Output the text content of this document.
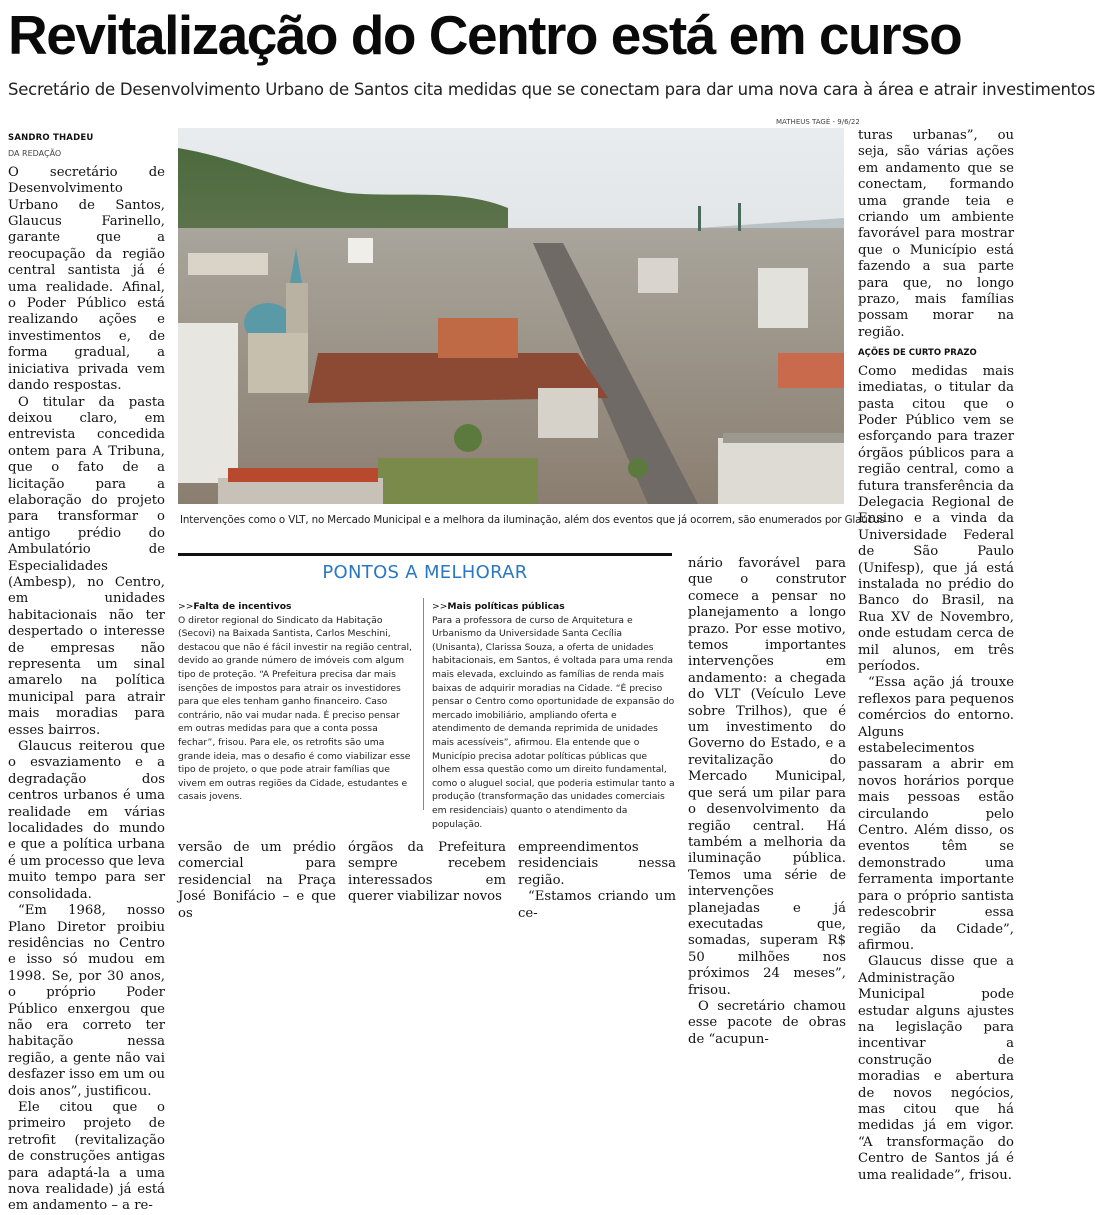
Revitalização do Centro está em curso
Secretário de Desenvolvimento Urbano de Santos cita medidas que se conectam para dar uma nova cara à área e atrair investimentos
SANDRO THADEU
DA REDAÇÃO

O secretário de Desenvolvimento Urbano de Santos, Glaucus Farinello, garante que a reocupação da região central santista já é uma realidade. Afinal, o Poder Público está realizando ações e investimentos e, de forma gradual, a iniciativa privada vem dando respostas.

O titular da pasta deixou claro, em entrevista concedida ontem para A Tribuna, que o fato de a licitação para a elaboração do projeto para transformar o antigo prédio do Ambulatório de Especialidades (Ambesp), no Centro, em unidades habitacionais não ter despertado o interesse de empresas não representa um sinal amarelo na política municipal para atrair mais moradias para esses bairros.

Glaucus reiterou que o esvaziamento e a degradação dos centros urbanos é uma realidade em várias localidades do mundo e que a política urbana é um processo que leva muito tempo para ser consolidada.

“Em 1968, nosso Plano Diretor proibiu residências no Centro e isso só mudou em 1998. Se, por 30 anos, o próprio Poder Público enxergou que não era correto ter habitação nessa região, a gente não vai desfazer isso em um ou dois anos”, justificou.

Ele citou que o primeiro projeto de retrofit (revitalização de construções antigas para adaptá-la a uma nova realidade) já está em andamento – a re-

MATHEUS TAGÉ - 9/6/22
Intervenções como o VLT, no Mercado Municipal e a melhora da iluminação, além dos eventos que já ocorrem, são enumerados por Glaucus
PONTOS A MELHORAR
>>Falta de incentivos
O diretor regional do Sindicato da Habitação (Secovi) na Baixada Santista, Carlos Meschini, destacou que não é fácil investir na região central, devido ao grande número de imóveis com algum tipo de proteção. “A Prefeitura precisa dar mais isenções de impostos para atrair os investidores para que eles tenham ganho financeiro. Caso contrário, não vai mudar nada. É preciso pensar em outras medidas para que a conta possa fechar”, frisou. Para ele, os retrofits são uma grande ideia, mas o desafio é como viabilizar esse tipo de projeto, o que pode atrair famílias que vivem em outras regiões da Cidade, estudantes e casais jovens.
>>Mais políticas públicas
Para a professora de curso de Arquitetura e Urbanismo da Universidade Santa Cecília (Unisanta), Clarissa Souza, a oferta de unidades habitacionais, em Santos, é voltada para uma renda mais elevada, excluindo as famílias de renda mais baixas de adquirir moradias na Cidade. “É preciso pensar o Centro como oportunidade de expansão do mercado imobiliário, ampliando oferta e atendimento de demanda reprimida de unidades mais acessíveis”, afirmou. Ela entende que o Município precisa adotar políticas públicas que olhem essa questão como um direito fundamental, como o aluguel social, que poderia estimular tanto a produção (transformação das unidades comerciais em residenciais) quanto o atendimento da população.

versão de um prédio comercial para residencial na Praça José Bonifácio – e que os

órgãos da Prefeitura sempre recebem interessados em querer viabilizar novos

empreendimentos residenciais nessa região.

“Estamos criando um ce-

nário favorável para que o construtor comece a pensar no planejamento a longo prazo. Por esse motivo, temos importantes intervenções em andamento: a chegada do VLT (Veículo Leve sobre Trilhos), que é um investimento do Governo do Estado, e a revitalização do Mercado Municipal, que será um pilar para o desenvolvimento da região central. Há também a melhoria da iluminação pública. Temos uma série de intervenções planejadas e já executadas que, somadas, superam R$ 50 milhões nos próximos 24 meses”, frisou.

O secretário chamou esse pacote de obras de “acupun-

turas urbanas”, ou seja, são várias ações em andamento que se conectam, formando uma grande teia e criando um ambiente favorável para mostrar que o Município está fazendo a sua parte para que, no longo prazo, mais famílias possam morar na região.

AÇÕES DE CURTO PRAZO

Como medidas mais imediatas, o titular da pasta citou que o Poder Público vem se esforçando para trazer órgãos públicos para a região central, como a futura transferência da Delegacia Regional de Ensino e a vinda da Universidade Federal de São Paulo (Unifesp), que já está instalada no prédio do Banco do Brasil, na Rua XV de Novembro, onde estudam cerca de mil alunos, em três períodos.

“Essa ação já trouxe reflexos para pequenos comércios do entorno. Alguns estabelecimentos passaram a abrir em novos horários porque mais pessoas estão circulando pelo Centro. Além disso, os eventos têm se demonstrado uma ferramenta importante para o próprio santista redescobrir essa região da Cidade”, afirmou.

Glaucus disse que a Administração Municipal pode estudar alguns ajustes na legislação para incentivar a construção de moradias e abertura de novos negócios, mas citou que há medidas já em vigor. “A transformação do Centro de Santos já é uma realidade”, frisou.
